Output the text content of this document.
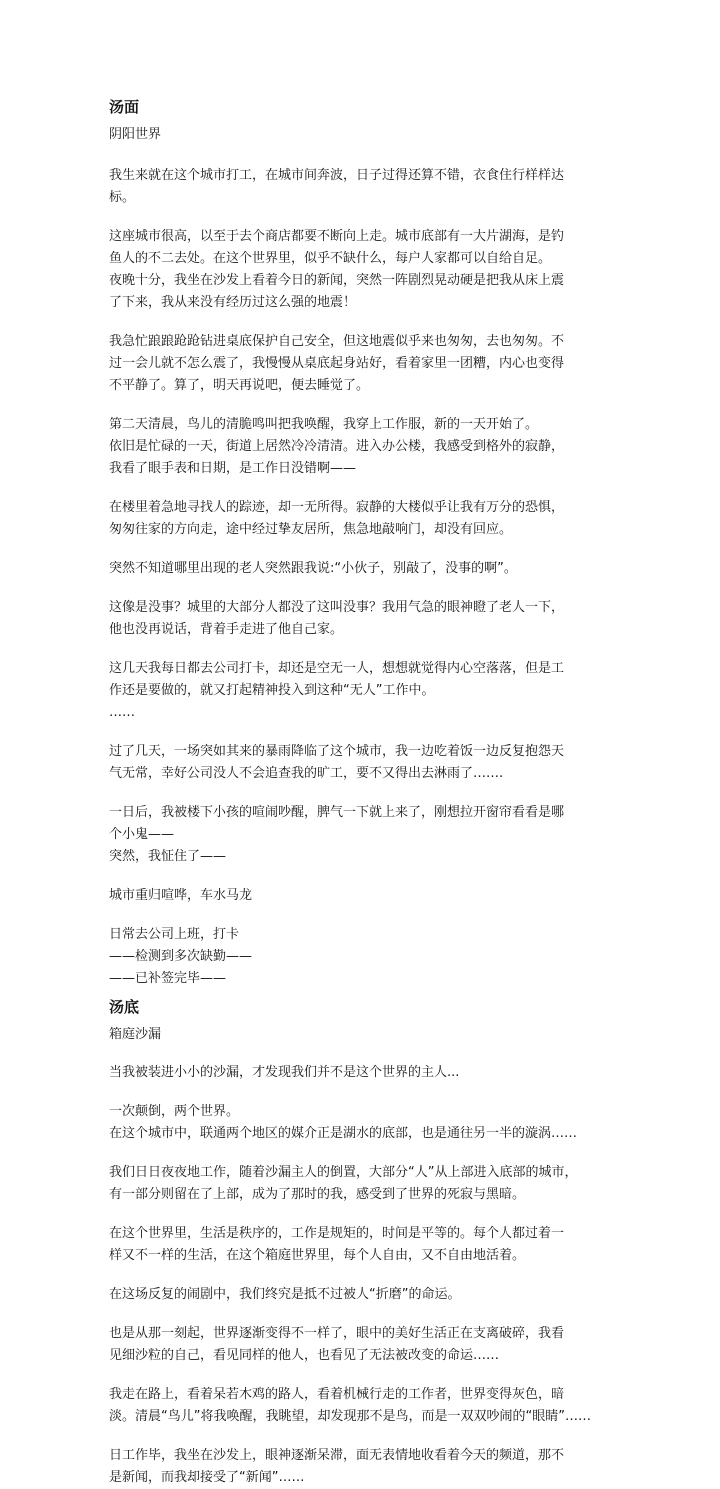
汤面
阴阳世界
我生来就在这个城市打工，在城市间奔波，日子过得还算不错，衣食住行样样达
标。
这座城市很高，以至于去个商店都要不断向上走。城市底部有一大片湖海，是钓
鱼人的不二去处。在这个世界里，似乎不缺什么，每户人家都可以自给自足。
夜晚十分，我坐在沙发上看着今日的新闻，突然一阵剧烈晃动硬是把我从床上震
了下来，我从来没有经历过这么强的地震！
我急忙踉踉跄跄钻进桌底保护自己安全，但这地震似乎来也匆匆，去也匆匆。不
过一会儿就不怎么震了，我慢慢从桌底起身站好，看着家里一团糟，内心也变得
不平静了。算了，明天再说吧，便去睡觉了。
第二天清晨，鸟儿的清脆鸣叫把我唤醒，我穿上工作服，新的一天开始了。
依旧是忙碌的一天，街道上居然冷冷清清。进入办公楼，我感受到格外的寂静，
我看了眼手表和日期，是工作日没错啊——
在楼里着急地寻找人的踪迹，却一无所得。寂静的大楼似乎让我有万分的恐惧，
匆匆往家的方向走，途中经过挚友居所，焦急地敲响门，却没有回应。
突然不知道哪里出现的老人突然跟我说:“小伙子，别敲了，没事的啊”。
这像是没事？城里的大部分人都没了这叫没事？我用气急的眼神瞪了老人一下，
他也没再说话，背着手走进了他自己家。
这几天我每日都去公司打卡，却还是空无一人，想想就觉得内心空落落，但是工
作还是要做的，就又打起精神投入到这种“无人”工作中。
……
过了几天，一场突如其来的暴雨降临了这个城市，我一边吃着饭一边反复抱怨天
气无常，幸好公司没人不会追查我的旷工，要不又得出去淋雨了…….
一日后，我被楼下小孩的喧闹吵醒，脾气一下就上来了，刚想拉开窗帘看看是哪
个小鬼——
突然，我怔住了——
城市重归喧哗，车水马龙
日常去公司上班，打卡
——检测到多次缺勤——
——已补签完毕——
汤底
箱庭沙漏
当我被装进小小的沙漏，才发现我们并不是这个世界的主人...
一次颠倒，两个世界。
在这个城市中，联通两个地区的媒介正是湖水的底部，也是通往另一半的漩涡……
我们日日夜夜地工作，随着沙漏主人的倒置，大部分“人”从上部进入底部的城市，
有一部分则留在了上部，成为了那时的我，感受到了世界的死寂与黑暗。
在这个世界里，生活是秩序的，工作是规矩的，时间是平等的。每个人都过着一
样又不一样的生活，在这个箱庭世界里，每个人自由，又不自由地活着。
在这场反复的闹剧中，我们终究是抵不过被人“折磨”的命运。
也是从那一刻起，世界逐渐变得不一样了，眼中的美好生活正在支离破碎，我看
见细沙粒的自己，看见同样的他人，也看见了无法被改变的命运……
我走在路上，看着呆若木鸡的路人，看着机械行走的工作者，世界变得灰色，暗
淡。清晨“鸟儿”将我唤醒，我眺望，却发现那不是鸟，而是一双双吵闹的“眼睛”……
日工作毕，我坐在沙发上，眼神逐渐呆滞，面无表情地收看着今天的频道，那不
是新闻，而我却接受了“新闻”……
